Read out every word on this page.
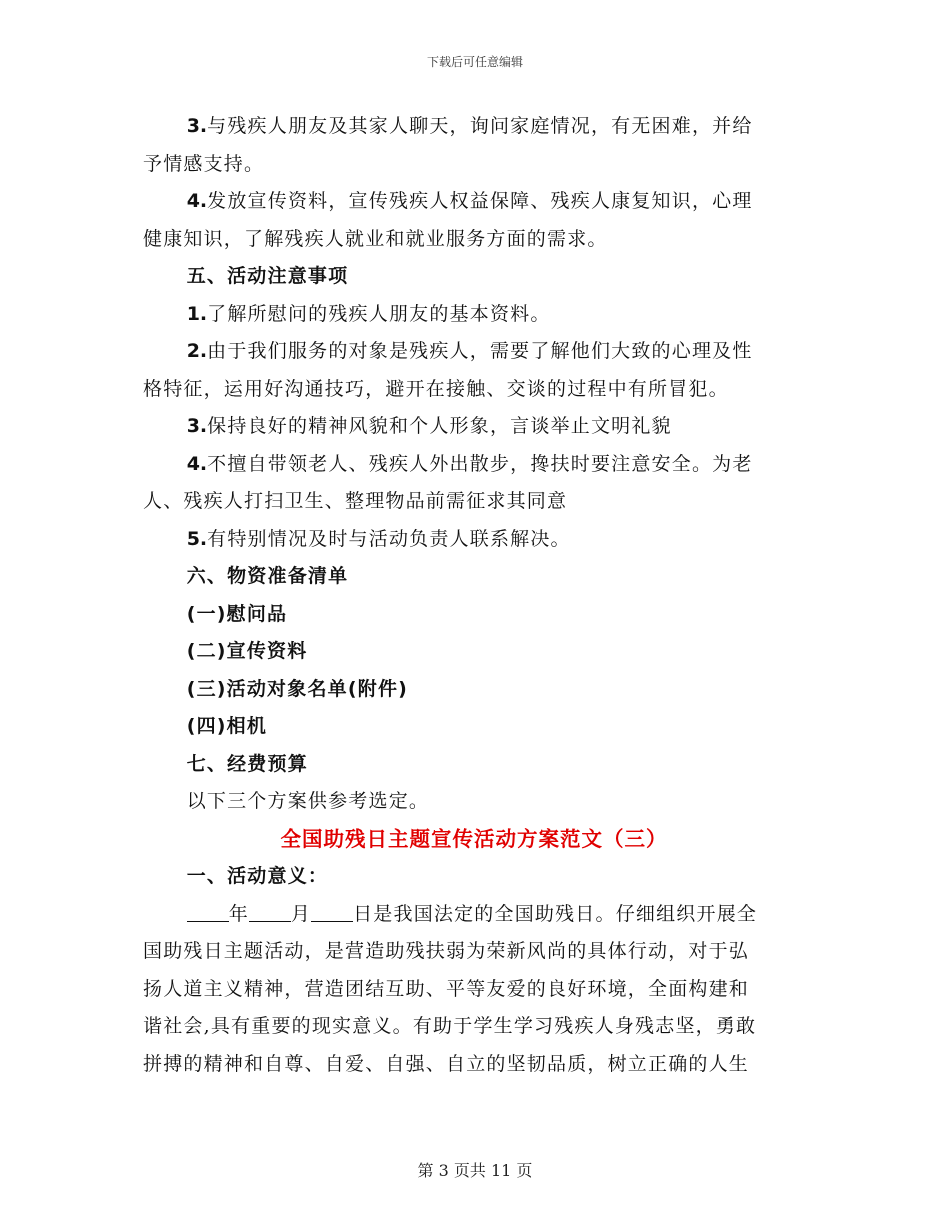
下载后可任意编辑

3.与残疾人朋友及其家人聊天，询问家庭情况，有无困难，并给

予情感支持。

4.发放宣传资料，宣传残疾人权益保障、残疾人康复知识，心理

健康知识，了解残疾人就业和就业服务方面的需求。

五、活动注意事项

1.了解所慰问的残疾人朋友的基本资料。

2.由于我们服务的对象是残疾人，需要了解他们大致的心理及性

格特征，运用好沟通技巧，避开在接触、交谈的过程中有所冒犯。

3.保持良好的精神风貌和个人形象，言谈举止文明礼貌

4.不擅自带领老人、残疾人外出散步，搀扶时要注意安全。为老

人、残疾人打扫卫生、整理物品前需征求其同意

5.有特别情况及时与活动负责人联系解决。

六、物资准备清单

(一)慰问品

(二)宣传资料

(三)活动对象名单(附件)

(四)相机

七、经费预算

以下三个方案供参考选定。

全国助残日主题宣传活动方案范文（三）

一、活动意义：

年 月 日是我国法定的全国助残日。仔细组织开展全

国助残日主题活动，是营造助残扶弱为荣新风尚的具体行动，对于弘

扬人道主义精神，营造团结互助、平等友爱的良好环境，全面构建和

谐社会,具有重要的现实意义。有助于学生学习残疾人身残志坚，勇敢

拼搏的精神和自尊、自爱、自强、自立的坚韧品质，树立正确的人生

第 3 页共 11 页
